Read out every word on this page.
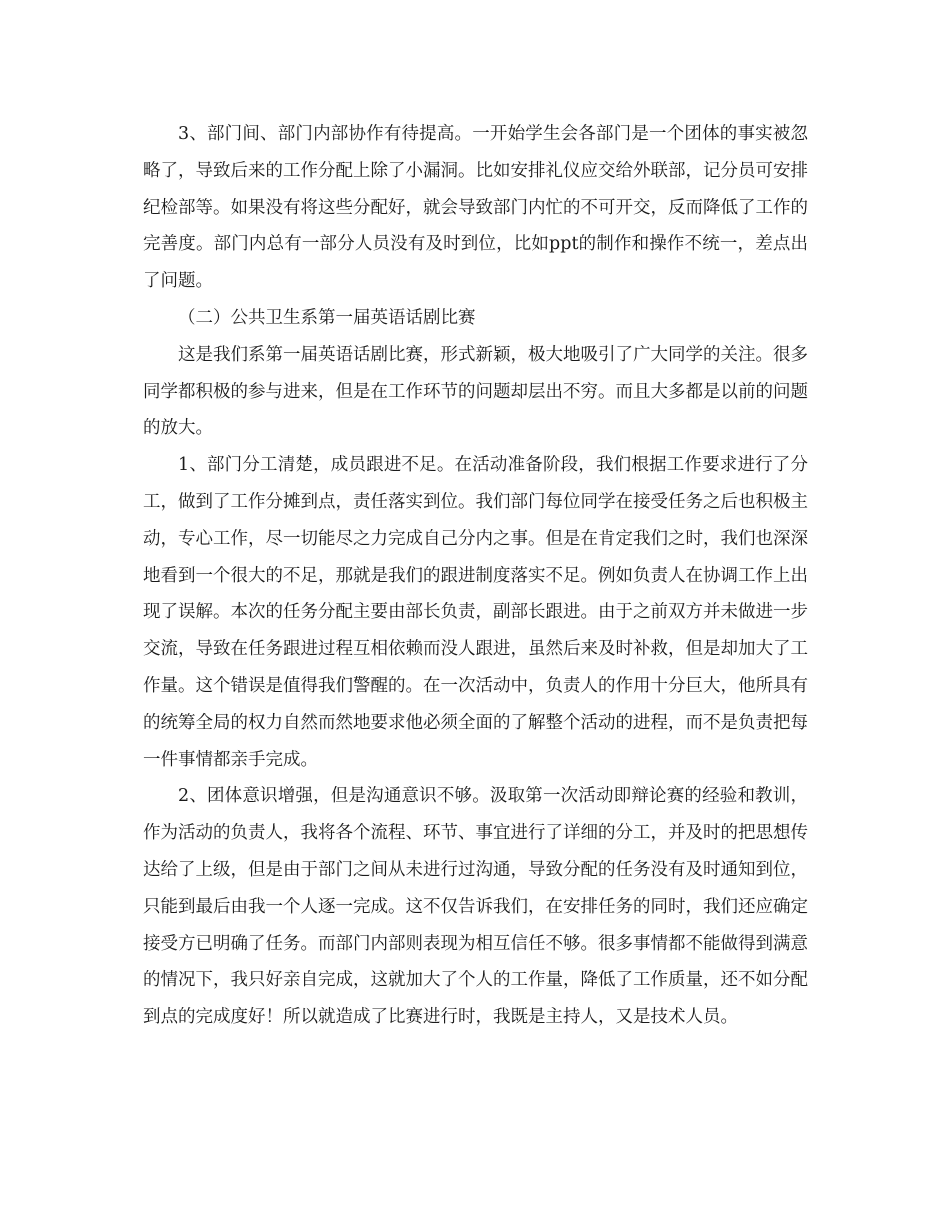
3、部门间、部门内部协作有待提高。一开始学生会各部门是一个团体的事实被忽略了，导致后来的工作分配上除了小漏洞。比如安排礼仪应交给外联部，记分员可安排纪检部等。如果没有将这些分配好，就会导致部门内忙的不可开交，反而降低了工作的完善度。部门内总有一部分人员没有及时到位，比如ppt的制作和操作不统一，差点出了问题。

（二）公共卫生系第一届英语话剧比赛

这是我们系第一届英语话剧比赛，形式新颖，极大地吸引了广大同学的关注。很多同学都积极的参与进来，但是在工作环节的问题却层出不穷。而且大多都是以前的问题的放大。

1、部门分工清楚，成员跟进不足。在活动准备阶段，我们根据工作要求进行了分工，做到了工作分摊到点，责任落实到位。我们部门每位同学在接受任务之后也积极主动，专心工作，尽一切能尽之力完成自己分内之事。但是在肯定我们之时，我们也深深地看到一个很大的不足，那就是我们的跟进制度落实不足。例如负责人在协调工作上出现了误解。本次的任务分配主要由部长负责，副部长跟进。由于之前双方并未做进一步交流，导致在任务跟进过程互相依赖而没人跟进，虽然后来及时补救，但是却加大了工作量。这个错误是值得我们警醒的。在一次活动中，负责人的作用十分巨大，他所具有的统筹全局的权力自然而然地要求他必须全面的了解整个活动的进程，而不是负责把每一件事情都亲手完成。

2、团体意识增强，但是沟通意识不够。汲取第一次活动即辩论赛的经验和教训，作为活动的负责人，我将各个流程、环节、事宜进行了详细的分工，并及时的把思想传达给了上级，但是由于部门之间从未进行过沟通，导致分配的任务没有及时通知到位，只能到最后由我一个人逐一完成。这不仅告诉我们，在安排任务的同时，我们还应确定接受方已明确了任务。而部门内部则表现为相互信任不够。很多事情都不能做得到满意的情况下，我只好亲自完成，这就加大了个人的工作量，降低了工作质量，还不如分配到点的完成度好！所以就造成了比赛进行时，我既是主持人，又是技术人员。
